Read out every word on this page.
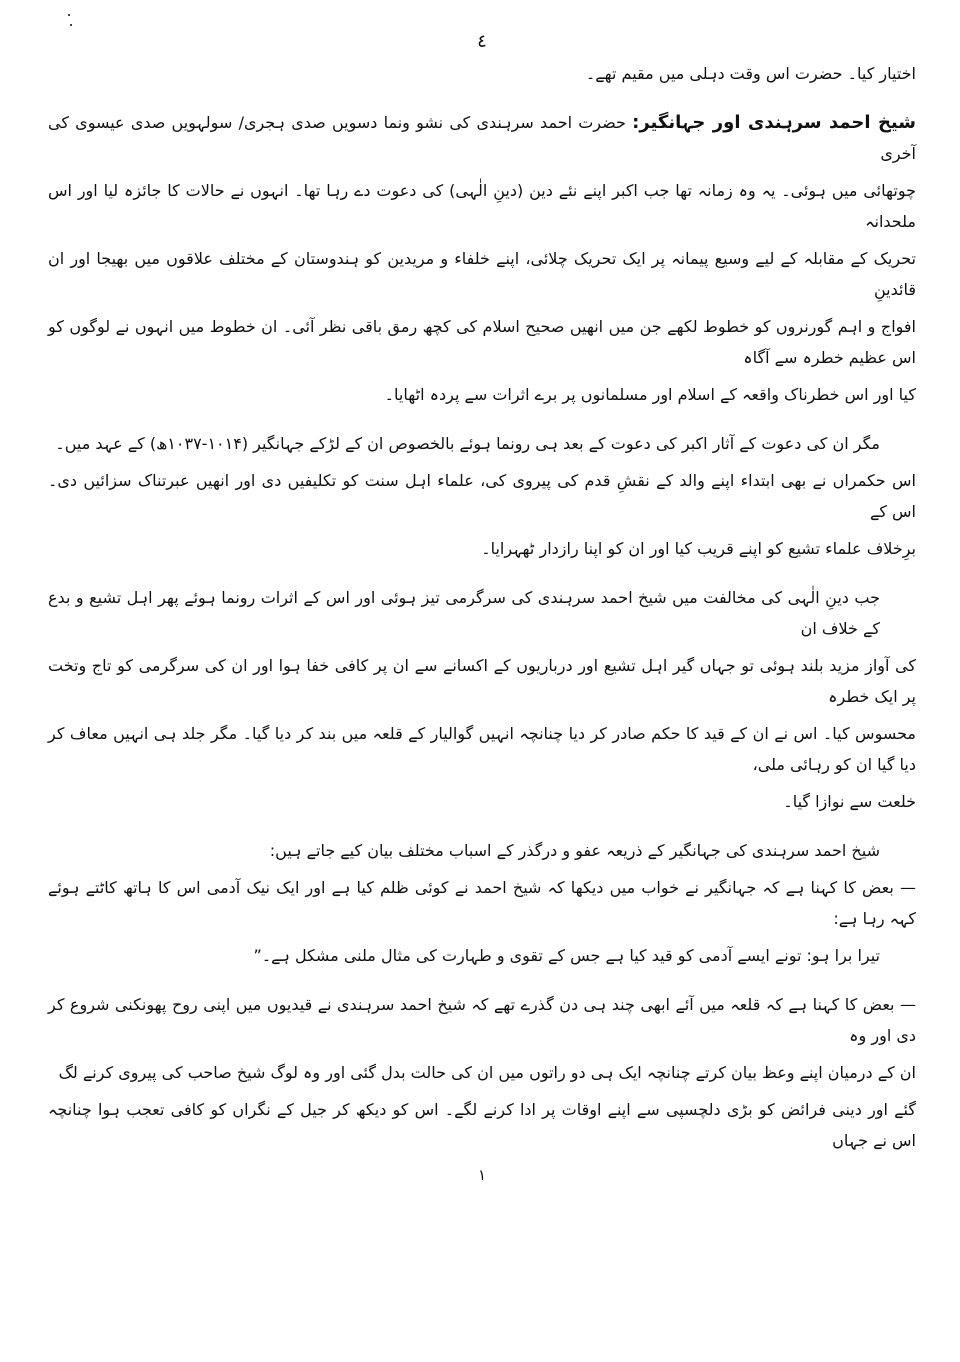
٤
اختیار کیا۔ حضرت اس وقت دہلی میں مقیم تھے۔
شیخ احمد سرہندی اور جہانگیر: حضرت احمد سرہندی کی نشو ونما دسویں صدی ہجری/ سولہویں صدی عیسوی کی آخری
چوتھائی میں ہوئی۔ یہ وہ زمانہ تھا جب اکبر اپنے نئے دین (دینِ الٰہی) کی دعوت دے رہا تھا۔ انہوں نے حالات کا جائزہ لیا اور اس ملحدانہ
تحریک کے مقابلہ کے لیے وسیع پیمانہ پر ایک تحریک چلائی، اپنے خلفاء و مریدین کو ہندوستان کے مختلف علاقوں میں بھیجا اور ان قائدینِ
افواج و اہم گورنروں کو خطوط لکھے جن میں انھیں صحیح اسلام کی کچھ رمق باقی نظر آئی۔ ان خطوط میں انہوں نے لوگوں کو اس عظیم خطرہ سے آگاہ
کیا اور اس خطرناک واقعہ کے اسلام اور مسلمانوں پر برے اثرات سے پردہ اٹھایا۔
مگر ان کی دعوت کے آثار اکبر کی دعوت کے بعد ہی رونما ہوئے بالخصوص ان کے لڑکے جہانگیر (۱۰۱۴-۱۰۳۷ھ) کے عہد میں۔
اس حکمراں نے بھی ابتداء اپنے والد کے نقشِ قدم کی پیروی کی، علماء اہل سنت کو تکلیفیں دی اور انھیں عبرتناک سزائیں دی۔ اس کے
برِخلاف علماء تشیع کو اپنے قریب کیا اور ان کو اپنا رازدار ٹھہرایا۔
جب دینِ الٰہی کی مخالفت میں شیخ احمد سرہندی کی سرگرمی تیز ہوئی اور اس کے اثرات رونما ہوئے پھر اہل تشیع و بدع کے خلاف ان
کی آواز مزید بلند ہوئی تو جہاں گیر اہل تشیع اور درباریوں کے اکسانے سے ان پر کافی خفا ہوا اور ان کی سرگرمی کو تاج وتخت پر ایک خطرہ
محسوس کیا۔ اس نے ان کے قید کا حکم صادر کر دیا چنانچہ انہیں گوالیار کے قلعہ میں بند کر دیا گیا۔ مگر جلد ہی انہیں معاف کر دیا گیا ان کو رہائی ملی،
خلعت سے نوازا گیا۔
شیخ احمد سرہندی کی جہانگیر کے ذریعہ عفو و درگذر کے اسباب مختلف بیان کیے جاتے ہیں:
— بعض کا کہنا ہے کہ جہانگیر نے خواب میں دیکھا کہ شیخ احمد نے کوئی ظلم کیا ہے اور ایک نیک آدمی اس کا ہاتھ کاٹتے ہوئے کہہ رہا ہے:
تیرا برا ہو: تونے ایسے آدمی کو قید کیا ہے جس کے تقوی و طہارت کی مثال ملنی مشکل ہے۔”
— بعض کا کہنا ہے کہ قلعہ میں آئے ابھی چند ہی دن گذرے تھے کہ شیخ احمد سرہندی نے قیدیوں میں اپنی روح پھونکنی شروع کر دی اور وہ
ان کے درمیان اپنے وعظ بیان کرتے چنانچہ ایک ہی دو راتوں میں ان کی حالت بدل گئی اور وہ لوگ شیخ صاحب کی پیروی کرنے لگ
گئے اور دینی فرائض کو بڑی دلچسپی سے اپنے اوقات پر ادا کرنے لگے۔ اس کو دیکھ کر جیل کے نگراں کو کافی تعجب ہوا چنانچہ اس نے جہاں
١
